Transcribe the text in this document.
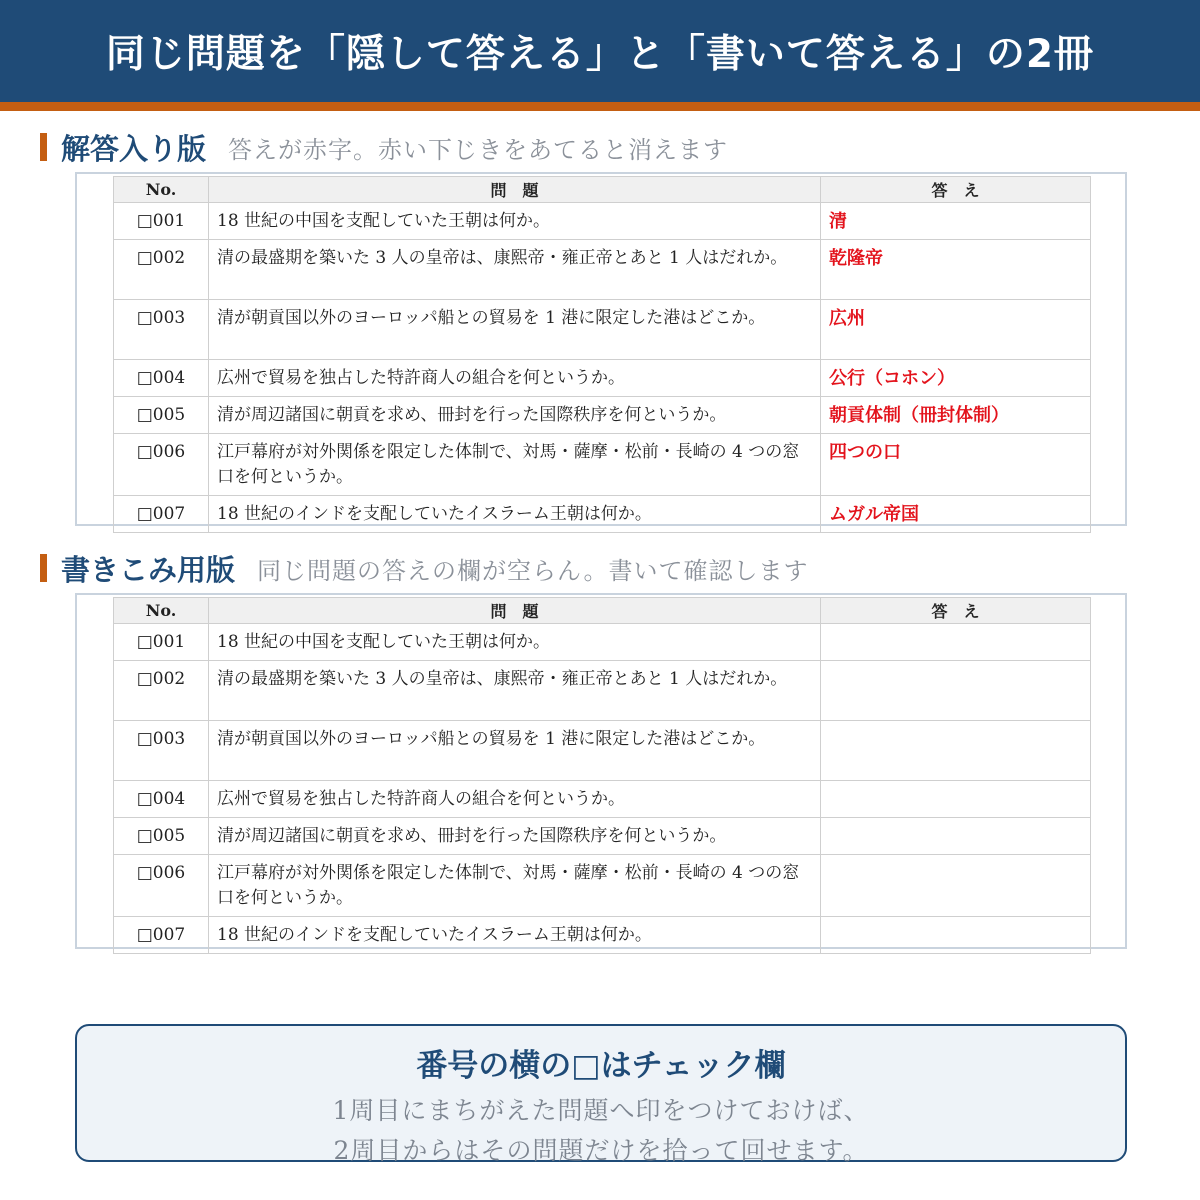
同じ問題を「隠して答える」と「書いて答える」の2冊
解答入り版 答えが赤字。赤い下じきをあてると消えます
No.	問　題	答　え
□001	18 世紀の中国を支配していた王朝は何か。	清
□002	清の最盛期を築いた 3 人の皇帝は、康熙帝・雍正帝とあと 1 人はだれか。	乾隆帝
□003	清が朝貢国以外のヨーロッパ船との貿易を 1 港に限定した港はどこか。	広州
□004	広州で貿易を独占した特許商人の組合を何というか。	公行（コホン）
□005	清が周辺諸国に朝貢を求め、冊封を行った国際秩序を何というか。	朝貢体制（冊封体制）
□006	江戸幕府が対外関係を限定した体制で、対馬・薩摩・松前・長崎の 4 つの窓口を何というか。	四つの口
□007	18 世紀のインドを支配していたイスラーム王朝は何か。	ムガル帝国
書きこみ用版 同じ問題の答えの欄が空らん。書いて確認します
No.	問　題	答　え
□001	18 世紀の中国を支配していた王朝は何か。	
□002	清の最盛期を築いた 3 人の皇帝は、康熙帝・雍正帝とあと 1 人はだれか。	
□003	清が朝貢国以外のヨーロッパ船との貿易を 1 港に限定した港はどこか。	
□004	広州で貿易を独占した特許商人の組合を何というか。	
□005	清が周辺諸国に朝貢を求め、冊封を行った国際秩序を何というか。	
□006	江戸幕府が対外関係を限定した体制で、対馬・薩摩・松前・長崎の 4 つの窓口を何というか。	
□007	18 世紀のインドを支配していたイスラーム王朝は何か。	
番号の横の□はチェック欄
1周目にまちがえた問題へ印をつけておけば、
2周目からはその問題だけを拾って回せます。
